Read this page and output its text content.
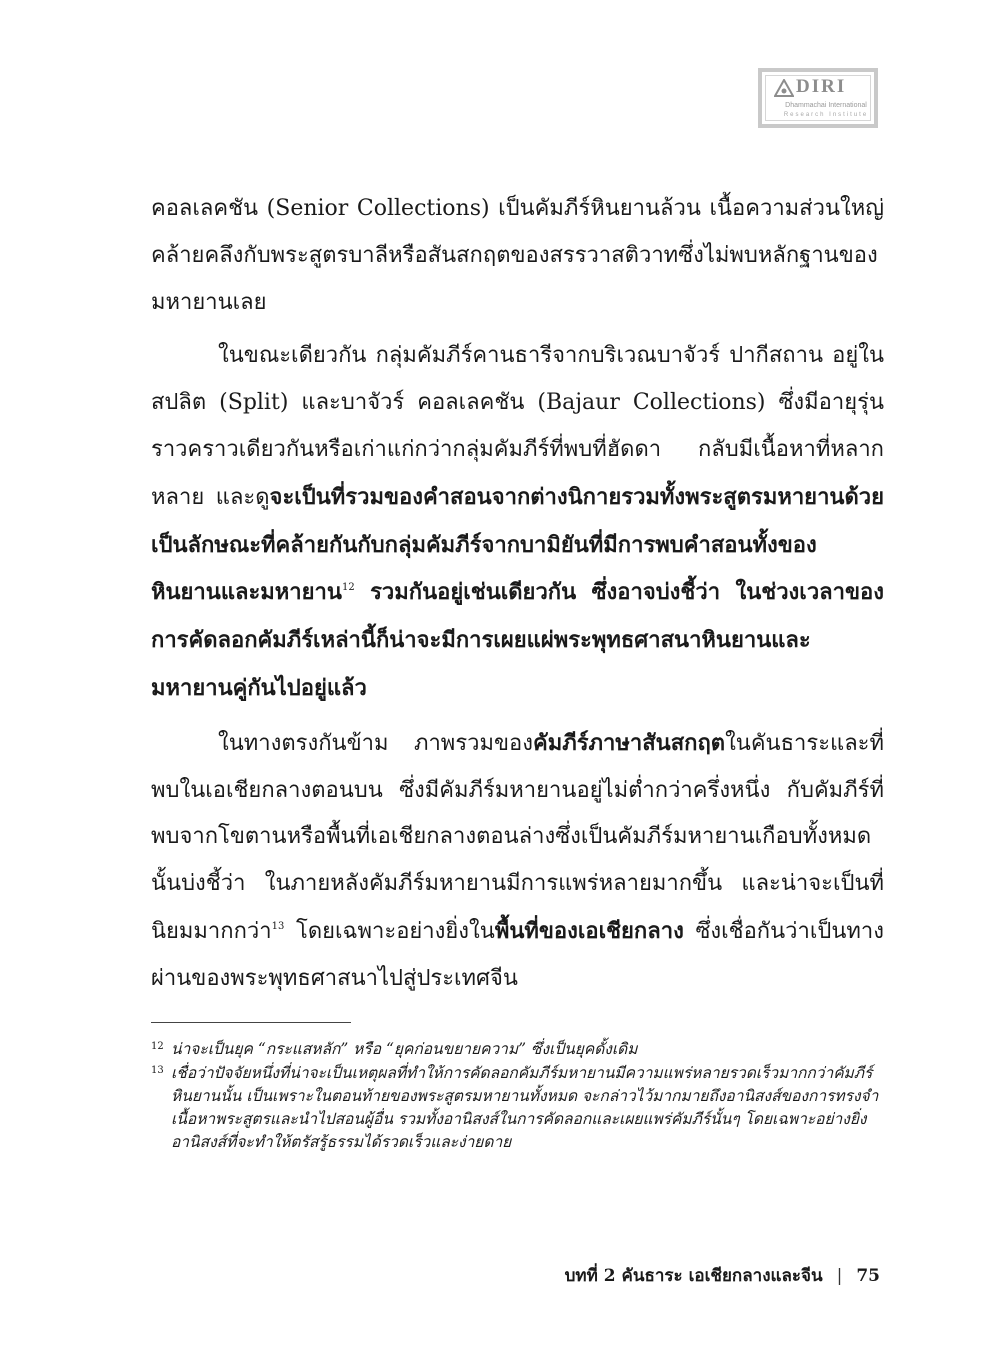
DIRI
Dhammachai International
Research Institute

คอลเลคชัน (Senior Collections) เป็นคัมภีร์หินยานล้วน เนื้อความส่วนใหญ่คล้ายคลึงกับพระสูตรบาลีหรือสันสกฤตของสรรวาสติวาทซึ่งไม่พบหลักฐานของมหายานเลย

ในขณะเดียวกัน กลุ่มคัมภีร์คานธารีจากบริเวณบาจัวร์ ปากีสถาน อยู่ในสปลิต (Split) และบาจัวร์ คอลเลคชัน (Bajaur Collections) ซึ่งมีอายุรุ่นราวคราวเดียวกันหรือเก่าแก่กว่ากลุ่มคัมภีร์ที่พบที่ฮัดดา กลับมีเนื้อหาที่หลากหลาย และดูจะเป็นที่รวมของคำสอนจากต่างนิกายรวมทั้งพระสูตรมหายานด้วย เป็นลักษณะที่คล้ายกันกับกลุ่มคัมภีร์จากบามิยันที่มีการพบคำสอนทั้งของหินยานและมหายาน$^{12}$ รวมกันอยู่เช่นเดียวกัน ซึ่งอาจบ่งชี้ว่า ในช่วงเวลาของการคัดลอกคัมภีร์เหล่านี้ก็น่าจะมีการเผยแผ่พระพุทธศาสนาหินยานและมหายานคู่กันไปอยู่แล้ว

ในทางตรงกันข้าม ภาพรวมของคัมภีร์ภาษาสันสกฤตในคันธาระและที่พบในเอเชียกลางตอนบน ซึ่งมีคัมภีร์มหายานอยู่ไม่ต่ำกว่าครึ่งหนึ่ง กับคัมภีร์ที่พบจากโขตานหรือพื้นที่เอเชียกลางตอนล่างซึ่งเป็นคัมภีร์มหายานเกือบทั้งหมด นั้นบ่งชี้ว่า ในภายหลังคัมภีร์มหายานมีการแพร่หลายมากขึ้น และน่าจะเป็นที่นิยมมากกว่า$^{13}$ โดยเฉพาะอย่างยิ่งในพื้นที่ของเอเชียกลาง ซึ่งเชื่อกันว่าเป็นทางผ่านของพระพุทธศาสนาไปสู่ประเทศจีน

12 น่าจะเป็นยุค “กระแสหลัก” หรือ “ยุคก่อนขยายความ” ซึ่งเป็นยุคดั้งเดิม
13 เชื่อว่าปัจจัยหนึ่งที่น่าจะเป็นเหตุผลที่ทำให้การคัดลอกคัมภีร์มหายานมีความแพร่หลายรวดเร็วมากกว่าคัมภีร์หินยานนั้น เป็นเพราะในตอนท้ายของพระสูตรมหายานทั้งหมด จะกล่าวไว้มากมายถึงอานิสงส์ของการทรงจำเนื้อหาพระสูตรและนำไปสอนผู้อื่น รวมทั้งอานิสงส์ในการคัดลอกและเผยแพร่คัมภีร์นั้นๆ โดยเฉพาะอย่างยิ่งอานิสงส์ที่จะทำให้ตรัสรู้ธรรมได้รวดเร็วและง่ายดาย
บทที่ 2 คันธาระ เอเชียกลางและจีน | 75
